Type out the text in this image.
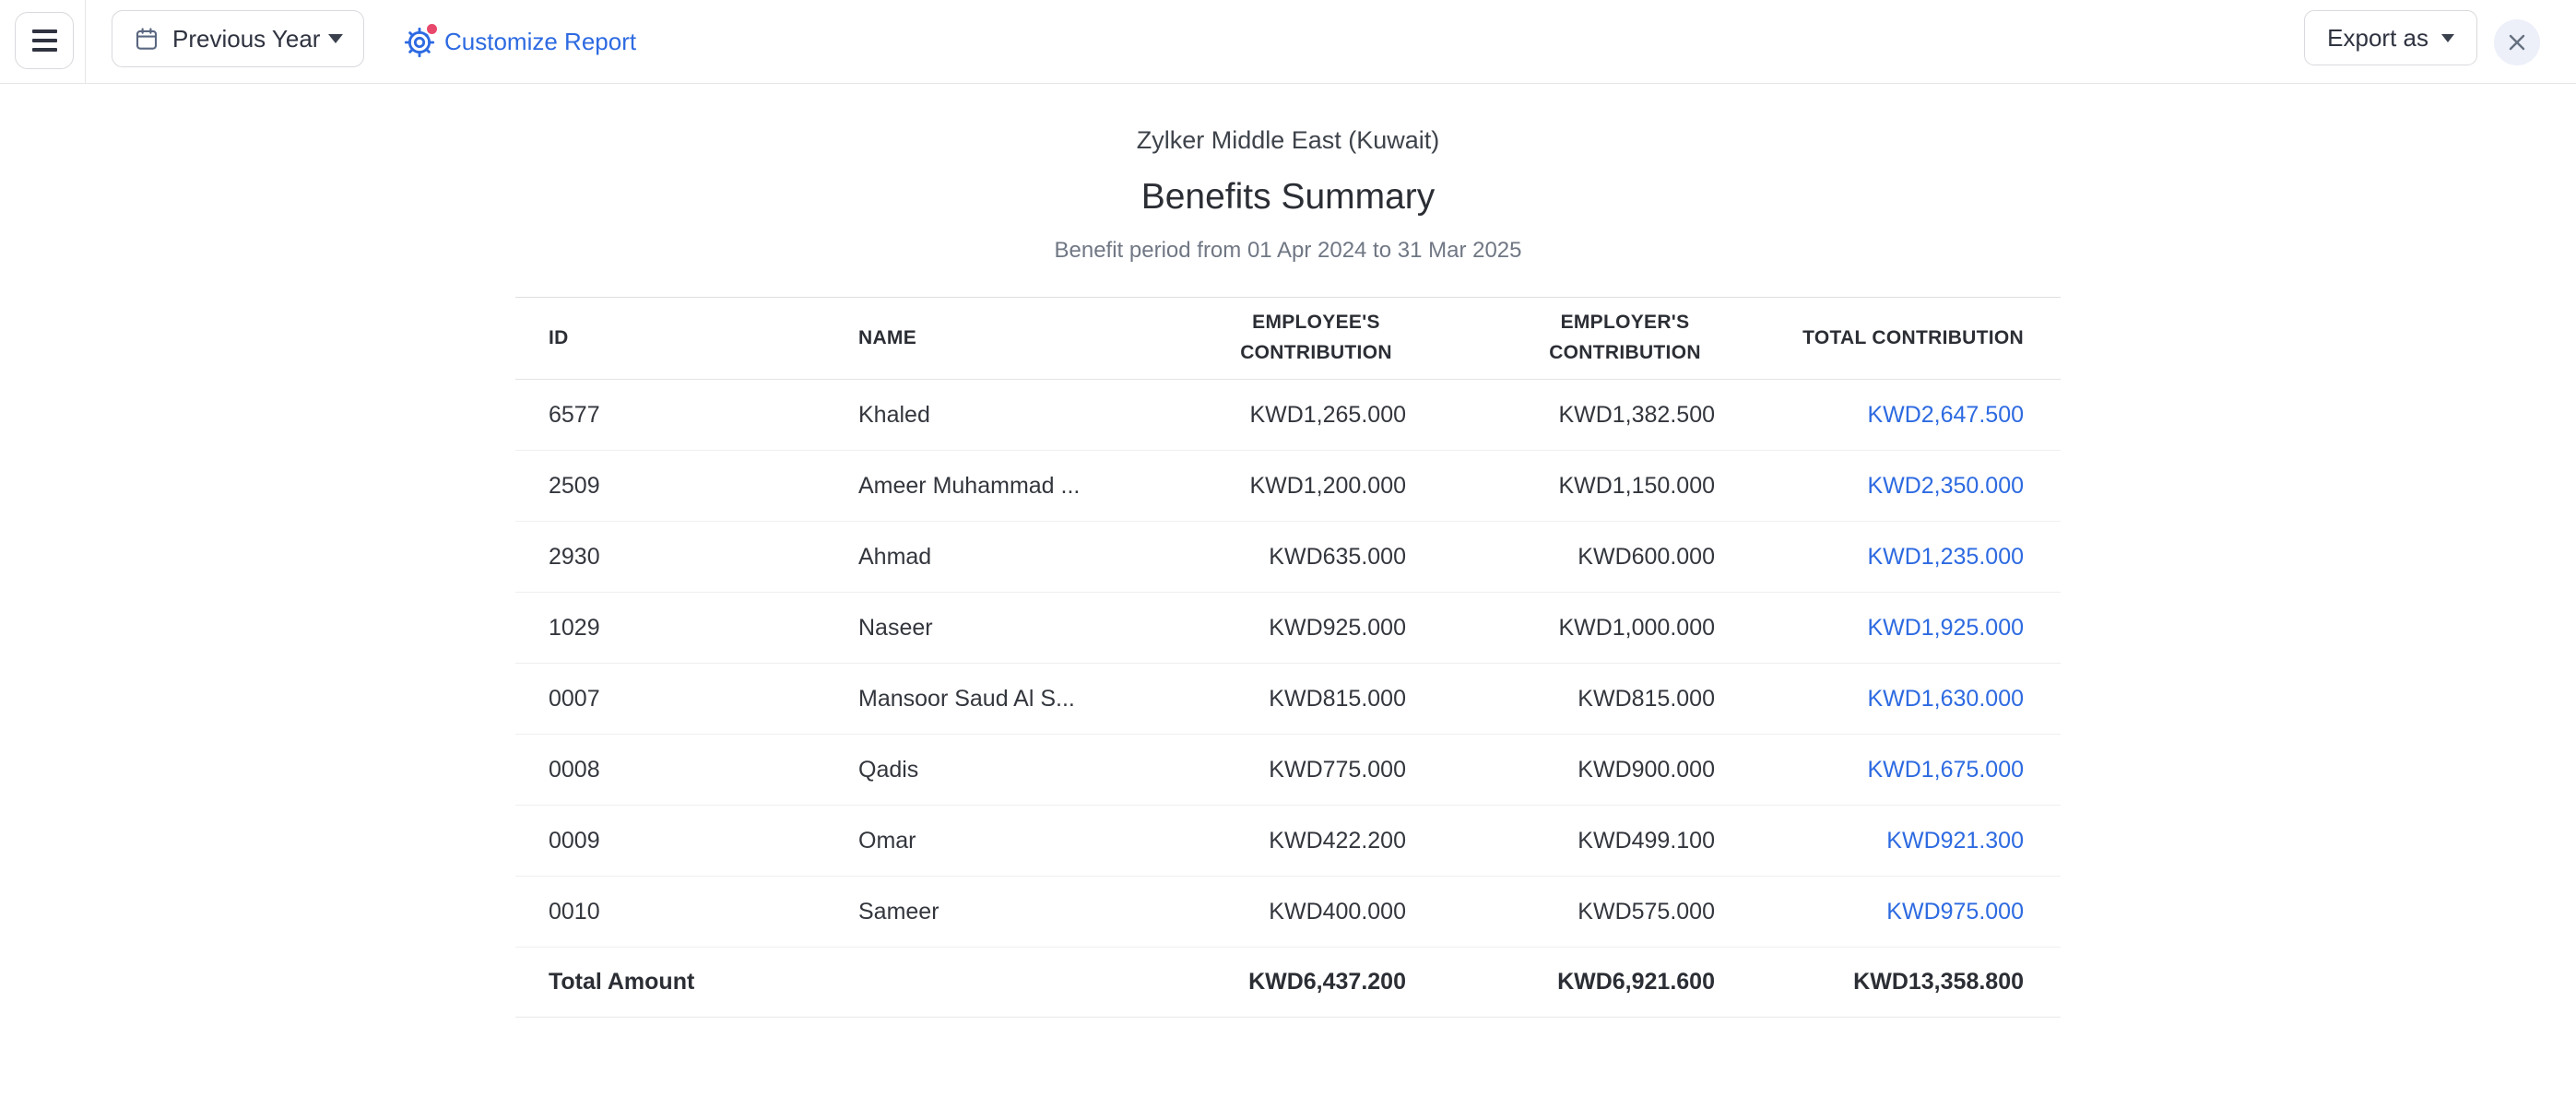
Previous Year	Customize Report	Export as
Zylker Middle East (Kuwait)
Benefits Summary
Benefit period from 01 Apr 2024 to 31 Mar 2025
ID	NAME	EMPLOYEE'S CONTRIBUTION	EMPLOYER'S CONTRIBUTION	TOTAL CONTRIBUTION
6577	Khaled	KWD1,265.000	KWD1,382.500	KWD2,647.500
2509	Ameer Muhammad ...	KWD1,200.000	KWD1,150.000	KWD2,350.000
2930	Ahmad	KWD635.000	KWD600.000	KWD1,235.000
1029	Naseer	KWD925.000	KWD1,000.000	KWD1,925.000
0007	Mansoor Saud Al S...	KWD815.000	KWD815.000	KWD1,630.000
0008	Qadis	KWD775.000	KWD900.000	KWD1,675.000
0009	Omar	KWD422.200	KWD499.100	KWD921.300
0010	Sameer	KWD400.000	KWD575.000	KWD975.000
Total Amount		KWD6,437.200	KWD6,921.600	KWD13,358.800
